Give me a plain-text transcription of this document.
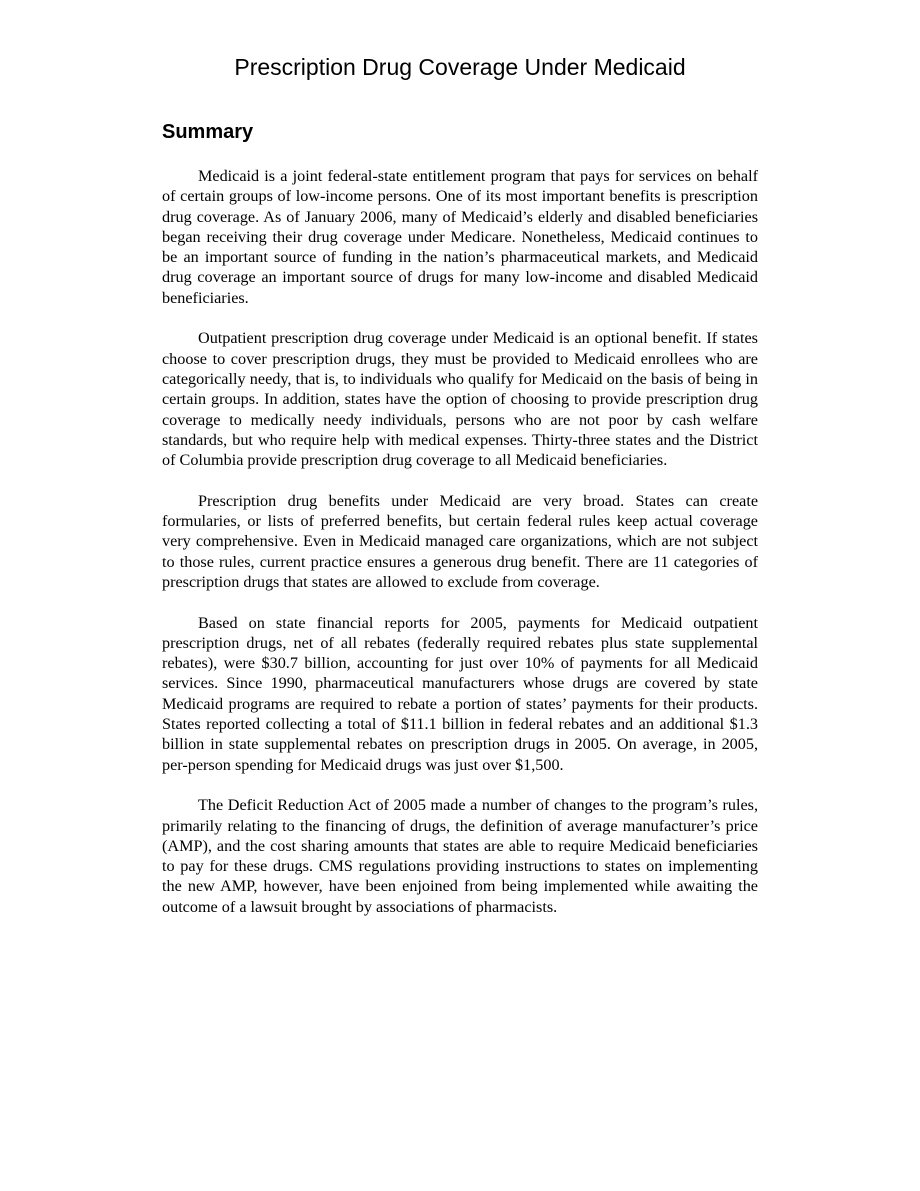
Prescription Drug Coverage Under Medicaid
Summary

Medicaid is a joint federal-state entitlement program that pays for services on behalf of certain groups of low-income persons. One of its most important benefits is prescription drug coverage. As of January 2006, many of Medicaid’s elderly and disabled beneficiaries began receiving their drug coverage under Medicare. Nonetheless, Medicaid continues to be an important source of funding in the nation’s pharmaceutical markets, and Medicaid drug coverage an important source of drugs for many low-income and disabled Medicaid beneficiaries.

Outpatient prescription drug coverage under Medicaid is an optional benefit. If states choose to cover prescription drugs, they must be provided to Medicaid enrollees who are categorically needy, that is, to individuals who qualify for Medicaid on the basis of being in certain groups. In addition, states have the option of choosing to provide prescription drug coverage to medically needy individuals, persons who are not poor by cash welfare standards, but who require help with medical expenses. Thirty-three states and the District of Columbia provide prescription drug coverage to all Medicaid beneficiaries.

Prescription drug benefits under Medicaid are very broad. States can create formularies, or lists of preferred benefits, but certain federal rules keep actual coverage very comprehensive. Even in Medicaid managed care organizations, which are not subject to those rules, current practice ensures a generous drug benefit. There are 11 categories of prescription drugs that states are allowed to exclude from coverage.

Based on state financial reports for 2005, payments for Medicaid outpatient prescription drugs, net of all rebates (federally required rebates plus state supplemental rebates), were $30.7 billion, accounting for just over 10% of payments for all Medicaid services. Since 1990, pharmaceutical manufacturers whose drugs are covered by state Medicaid programs are required to rebate a portion of states’ payments for their products. States reported collecting a total of $11.1 billion in federal rebates and an additional $1.3 billion in state supplemental rebates on prescription drugs in 2005. On average, in 2005, per-person spending for Medicaid drugs was just over $1,500.

The Deficit Reduction Act of 2005 made a number of changes to the program’s rules, primarily relating to the financing of drugs, the definition of average manufacturer’s price (AMP), and the cost sharing amounts that states are able to require Medicaid beneficiaries to pay for these drugs. CMS regulations providing instructions to states on implementing the new AMP, however, have been enjoined from being implemented while awaiting the outcome of a lawsuit brought by associations of pharmacists.
